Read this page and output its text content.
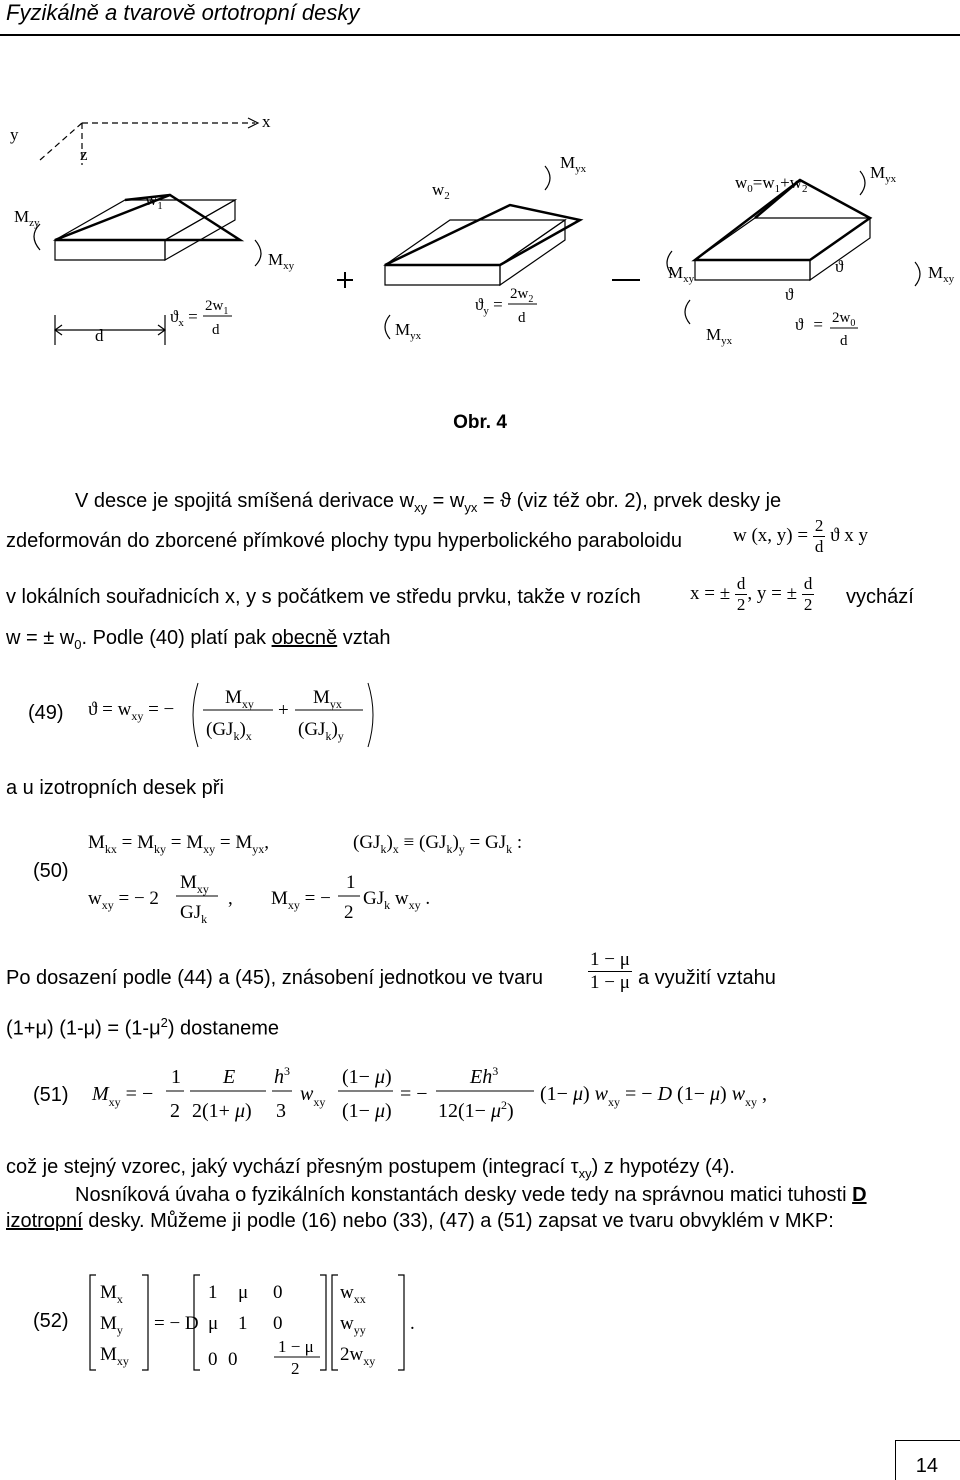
Fyzikálně a tvarově ortotropní desky
y
x
z
$M_{zy}$
$w_1$
$w_2$
$M_{yx}$
$w_0=w_1+w_2$
$M_{yx}$
$M_{xy}$	$M_{xy}$	$M_{xy}$
$M_{yx}$	$M_{yx}$
d
$ϑ_x$ =
$2w_1$
d
$ϑ_y$ =
$2w_2$
d
ϑ
ϑ
$ϑ = 2w_0$
d
Obr. 4
V desce je spojitá smíšená derivace $w_{xy} = w_{yx} = ϑ$ (viz též obr. 2), prvek desky je
zdeformován do zborcené přímkové plochy typu hyperbolického paraboloidu	w (x, $y) = \frac{2}{d}$ ϑ x y
v lokálních souřadnicích x, y s počátkem ve středu prvku, takže v rozích	x = ± $\frac{d}{2}$ , y = ± $\frac{d}{2}$ vychází
w = ± $w_0$. Podle (40) platí pak obecně vztah
(49) $ϑ = w_{xy}$ = −
$M_{xy}$
$(GJ_k)_x$
+
$M_{yx}$
$(GJ_k)_y$
a u izotropních desek při
(50)
$M_{kx} = M_{ky} = M_{xy} = M_{yx}$,	$(GJ_k)_x \equiv (GJ_k)_y = GJ_k$ :
$w_{xy}$ = − 2
$M_{xy}$
$GJ_k$
, $M_{xy}$ = −
1
2
$GJ_k$ $w_{xy}$ .
Po dosazení podle (44) a (45), znásobení jednotkou ve tvaru $\frac{1 - \mu}{1 - \mu}$ a využití vztahu
(1+μ) $(1-\mu) = (1-\mu^2)$ dostaneme
(51) $M_{xy}$ = −
1
2
E
2(1+ μ)
$h^3$
3
$w_{xy}$
(1− μ)
(1− μ)
= −
$Eh^3$
$12(1- \mu^2)$
(1− μ) $w_{xy}$ = − D (1− μ) $w_{xy}$ ,
což je stejný vzorec, jaký vychází přesným postupem (integrací $\tau_{xy}$) z hypotézy (4).
Nosníková úvaha o fyzikálních konstantách desky vede tedy na správnou matici tuhosti D
izotropní desky. Můžeme ji podle (16) nebo (33), (47) a (51) zapsat ve tvaru obvyklém v MKP:
(52)
$M_x$
$M_y$
$M_{xy}$
= − D
1 μ 0
μ 1 0
0 0
1 − μ
2
$w_{xx}$
$w_{yy}$
$2w_{xy}$
.
14
